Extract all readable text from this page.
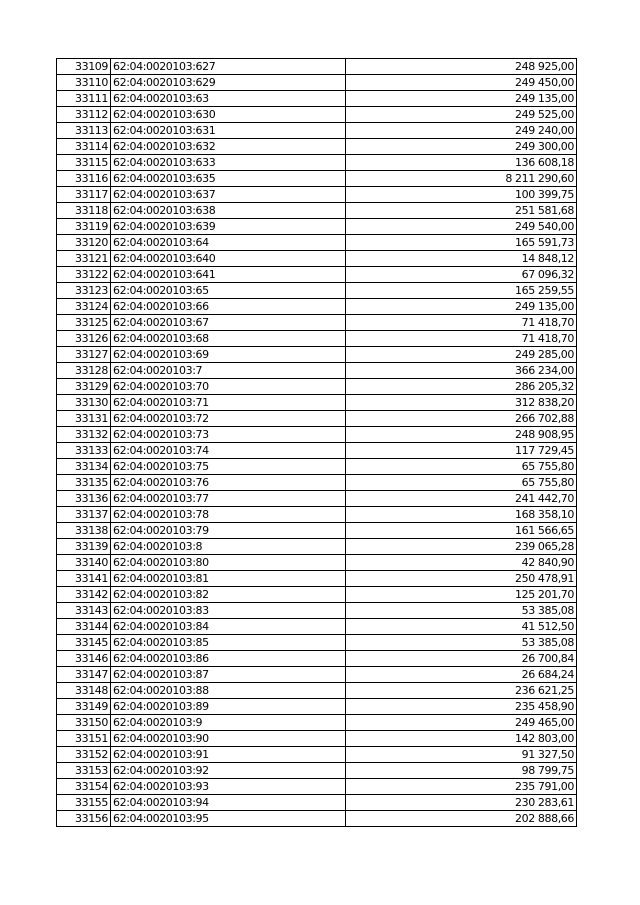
33109	62:04:0020103:627	248 925,00
33110	62:04:0020103:629	249 450,00
33111	62:04:0020103:63	249 135,00
33112	62:04:0020103:630	249 525,00
33113	62:04:0020103:631	249 240,00
33114	62:04:0020103:632	249 300,00
33115	62:04:0020103:633	136 608,18
33116	62:04:0020103:635	8 211 290,60
33117	62:04:0020103:637	100 399,75
33118	62:04:0020103:638	251 581,68
33119	62:04:0020103:639	249 540,00
33120	62:04:0020103:64	165 591,73
33121	62:04:0020103:640	14 848,12
33122	62:04:0020103:641	67 096,32
33123	62:04:0020103:65	165 259,55
33124	62:04:0020103:66	249 135,00
33125	62:04:0020103:67	71 418,70
33126	62:04:0020103:68	71 418,70
33127	62:04:0020103:69	249 285,00
33128	62:04:0020103:7	366 234,00
33129	62:04:0020103:70	286 205,32
33130	62:04:0020103:71	312 838,20
33131	62:04:0020103:72	266 702,88
33132	62:04:0020103:73	248 908,95
33133	62:04:0020103:74	117 729,45
33134	62:04:0020103:75	65 755,80
33135	62:04:0020103:76	65 755,80
33136	62:04:0020103:77	241 442,70
33137	62:04:0020103:78	168 358,10
33138	62:04:0020103:79	161 566,65
33139	62:04:0020103:8	239 065,28
33140	62:04:0020103:80	42 840,90
33141	62:04:0020103:81	250 478,91
33142	62:04:0020103:82	125 201,70
33143	62:04:0020103:83	53 385,08
33144	62:04:0020103:84	41 512,50
33145	62:04:0020103:85	53 385,08
33146	62:04:0020103:86	26 700,84
33147	62:04:0020103:87	26 684,24
33148	62:04:0020103:88	236 621,25
33149	62:04:0020103:89	235 458,90
33150	62:04:0020103:9	249 465,00
33151	62:04:0020103:90	142 803,00
33152	62:04:0020103:91	91 327,50
33153	62:04:0020103:92	98 799,75
33154	62:04:0020103:93	235 791,00
33155	62:04:0020103:94	230 283,61
33156	62:04:0020103:95	202 888,66
